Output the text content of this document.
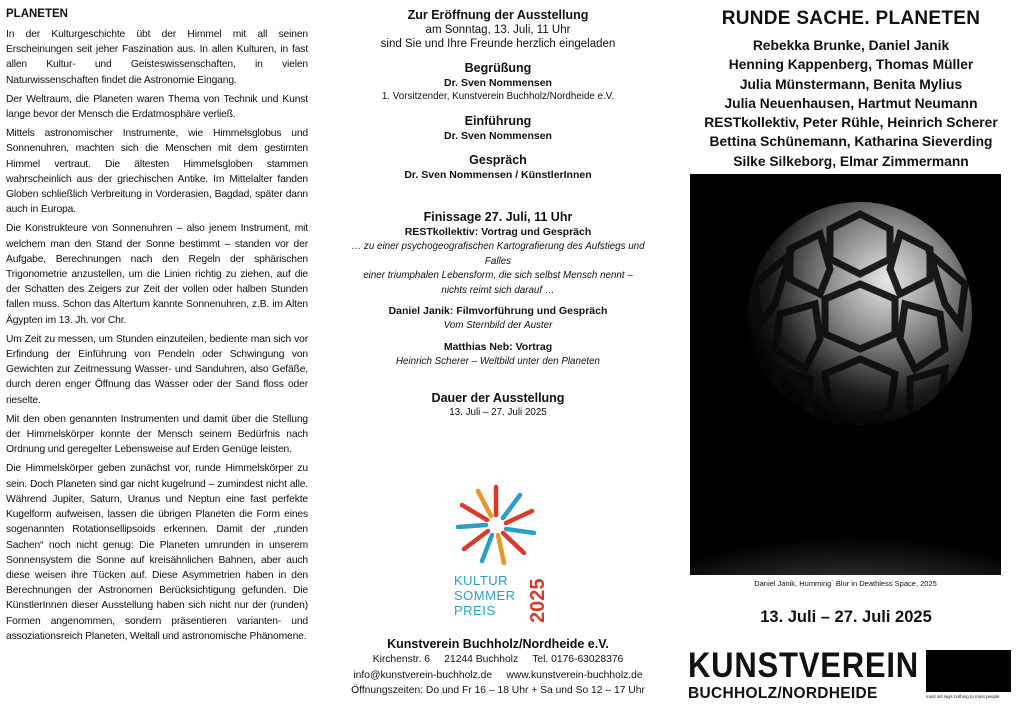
PLANETEN

In der Kulturgeschichte übt der Himmel mit all seinen Erscheinungen seit jeher Faszination aus. In allen Kulturen, in fast allen Kultur- und Geisteswissenschaften, in vielen Naturwissenschaften findet die Astronomie Eingang.

Der Weltraum, die Planeten waren Thema von Technik und Kunst lange bevor der Mensch die Erdatmosphäre verließ.

Mittels astronomischer Instrumente, wie Himmelsglobus und Sonnenuhren, machten sich die Menschen mit dem gestirnten Himmel vertraut. Die ältesten Himmelsgloben stammen wahrscheinlich aus der griechischen Antike. Im Mittelalter fanden Globen schließlich Verbreitung in Vorderasien, Bagdad, später dann auch in Europa.

Die Konstrukteure von Sonnenuhren – also jenem Instrument, mit welchem man den Stand der Sonne bestimmt – standen vor der Aufgabe, Berechnungen nach den Regeln der sphärischen Trigonometrie anzustellen, um die Linien richtig zu ziehen, auf die der Schatten des Zeigers zur Zeit der vollen oder halben Stunden fallen muss. Schon das Altertum kannte Sonnenuhren, z.B. im Alten Ägypten im 13. Jh. vor Chr.

Um Zeit zu messen, um Stunden einzuteilen, bediente man sich vor Erfindung der Einführung von Pendeln oder Schwingung von Gewichten zur Zeitmessung Wasser- und Sanduhren, also Gefäße, durch deren enger Öffnung das Wasser oder der Sand floss oder rieselte.

Mit den oben genannten Instrumenten und damit über die Stellung der Himmelskörper konnte der Mensch seinem Bedürfnis nach Ordnung und geregelter Lebensweise auf Erden Genüge leisten.

Die Himmelskörper geben zunächst vor, runde Himmelskörper zu sein. Doch Planeten sind gar nicht kugelrund – zumindest nicht alle. Während Jupiter, Saturn, Uranus und Neptun eine fast perfekte Kugelform aufweisen, lassen die übrigen Planeten die Form eines sogenannten Rotationsellipsoids erkennen. Damit der „runden Sachen“ noch nicht genug: Die Planeten umrunden in unserem Sonnensystem die Sonne auf kreisähnlichen Bahnen, aber auch diese weisen ihre Tücken auf. Diese Asymmetrien haben in den Berechnungen der Astronomen Berücksichtigung gefunden. Die KünstlerInnen dieser Ausstellung haben sich nicht nur der (runden) Formen angenommen, sondern präsentieren varianten- und assoziationsreich Planeten, Weltall und astronomische Phänomene.

Zur Eröffnung der Ausstellung
am Sonntag, 13. Juli, 11 Uhr
sind Sie und Ihre Freunde herzlich eingeladen
Begrüßung
Dr. Sven Nommensen
1. Vorsitzender, Kunstverein Buchholz/Nordheide e.V.
Einführung
Dr. Sven Nommensen
Gespräch
Dr. Sven Nommensen / KünstlerInnen
Finissage 27. Juli, 11 Uhr
RESTkollektiv: Vortrag und Gespräch
… zu einer psychogeografischen Kartografierung des Aufstiegs und Falles
einer triumphalen Lebensform, die sich selbst Mensch nennt –
nichts reimt sich darauf …
Daniel Janik: Filmvorführung und Gespräch
Vom Sternbild der Auster
Matthias Neb: Vortrag
Heinrich Scherer – Weltbild unter den Planeten
Dauer der Ausstellung
13. Juli – 27. Juli 2025
KULTUR
SOMMER
PREIS 2025
Kunstverein Buchholz/Nordheide e.V.
Kirchenstr. 6 21244 Buchholz Tel. 0176-63028376
info@kunstverein-buchholz.de www.kunstverein-buchholz.de
Öffnungszeiten: Do und Fr 16 – 18 Uhr + Sa und So 12 – 17 Uhr
RUNDE SACHE. PLANETEN
Rebekka Brunke, Daniel Janik
Henning Kappenberg, Thomas Müller
Julia Münstermann, Benita Mylius
Julia Neuenhausen, Hartmut Neumann
RESTkollektiv, Peter Rühle, Heinrich Scherer
Bettina Schünemann, Katharina Sieverding
Silke Silkeborg, Elmar Zimmermann
Daniel Janik, Humming´ Blur in Deathless Space, 2025
13. Juli – 27. Juli 2025
KUNSTVEREIN
BUCHHOLZ/NORDHEIDE	most art says nothing to most people
